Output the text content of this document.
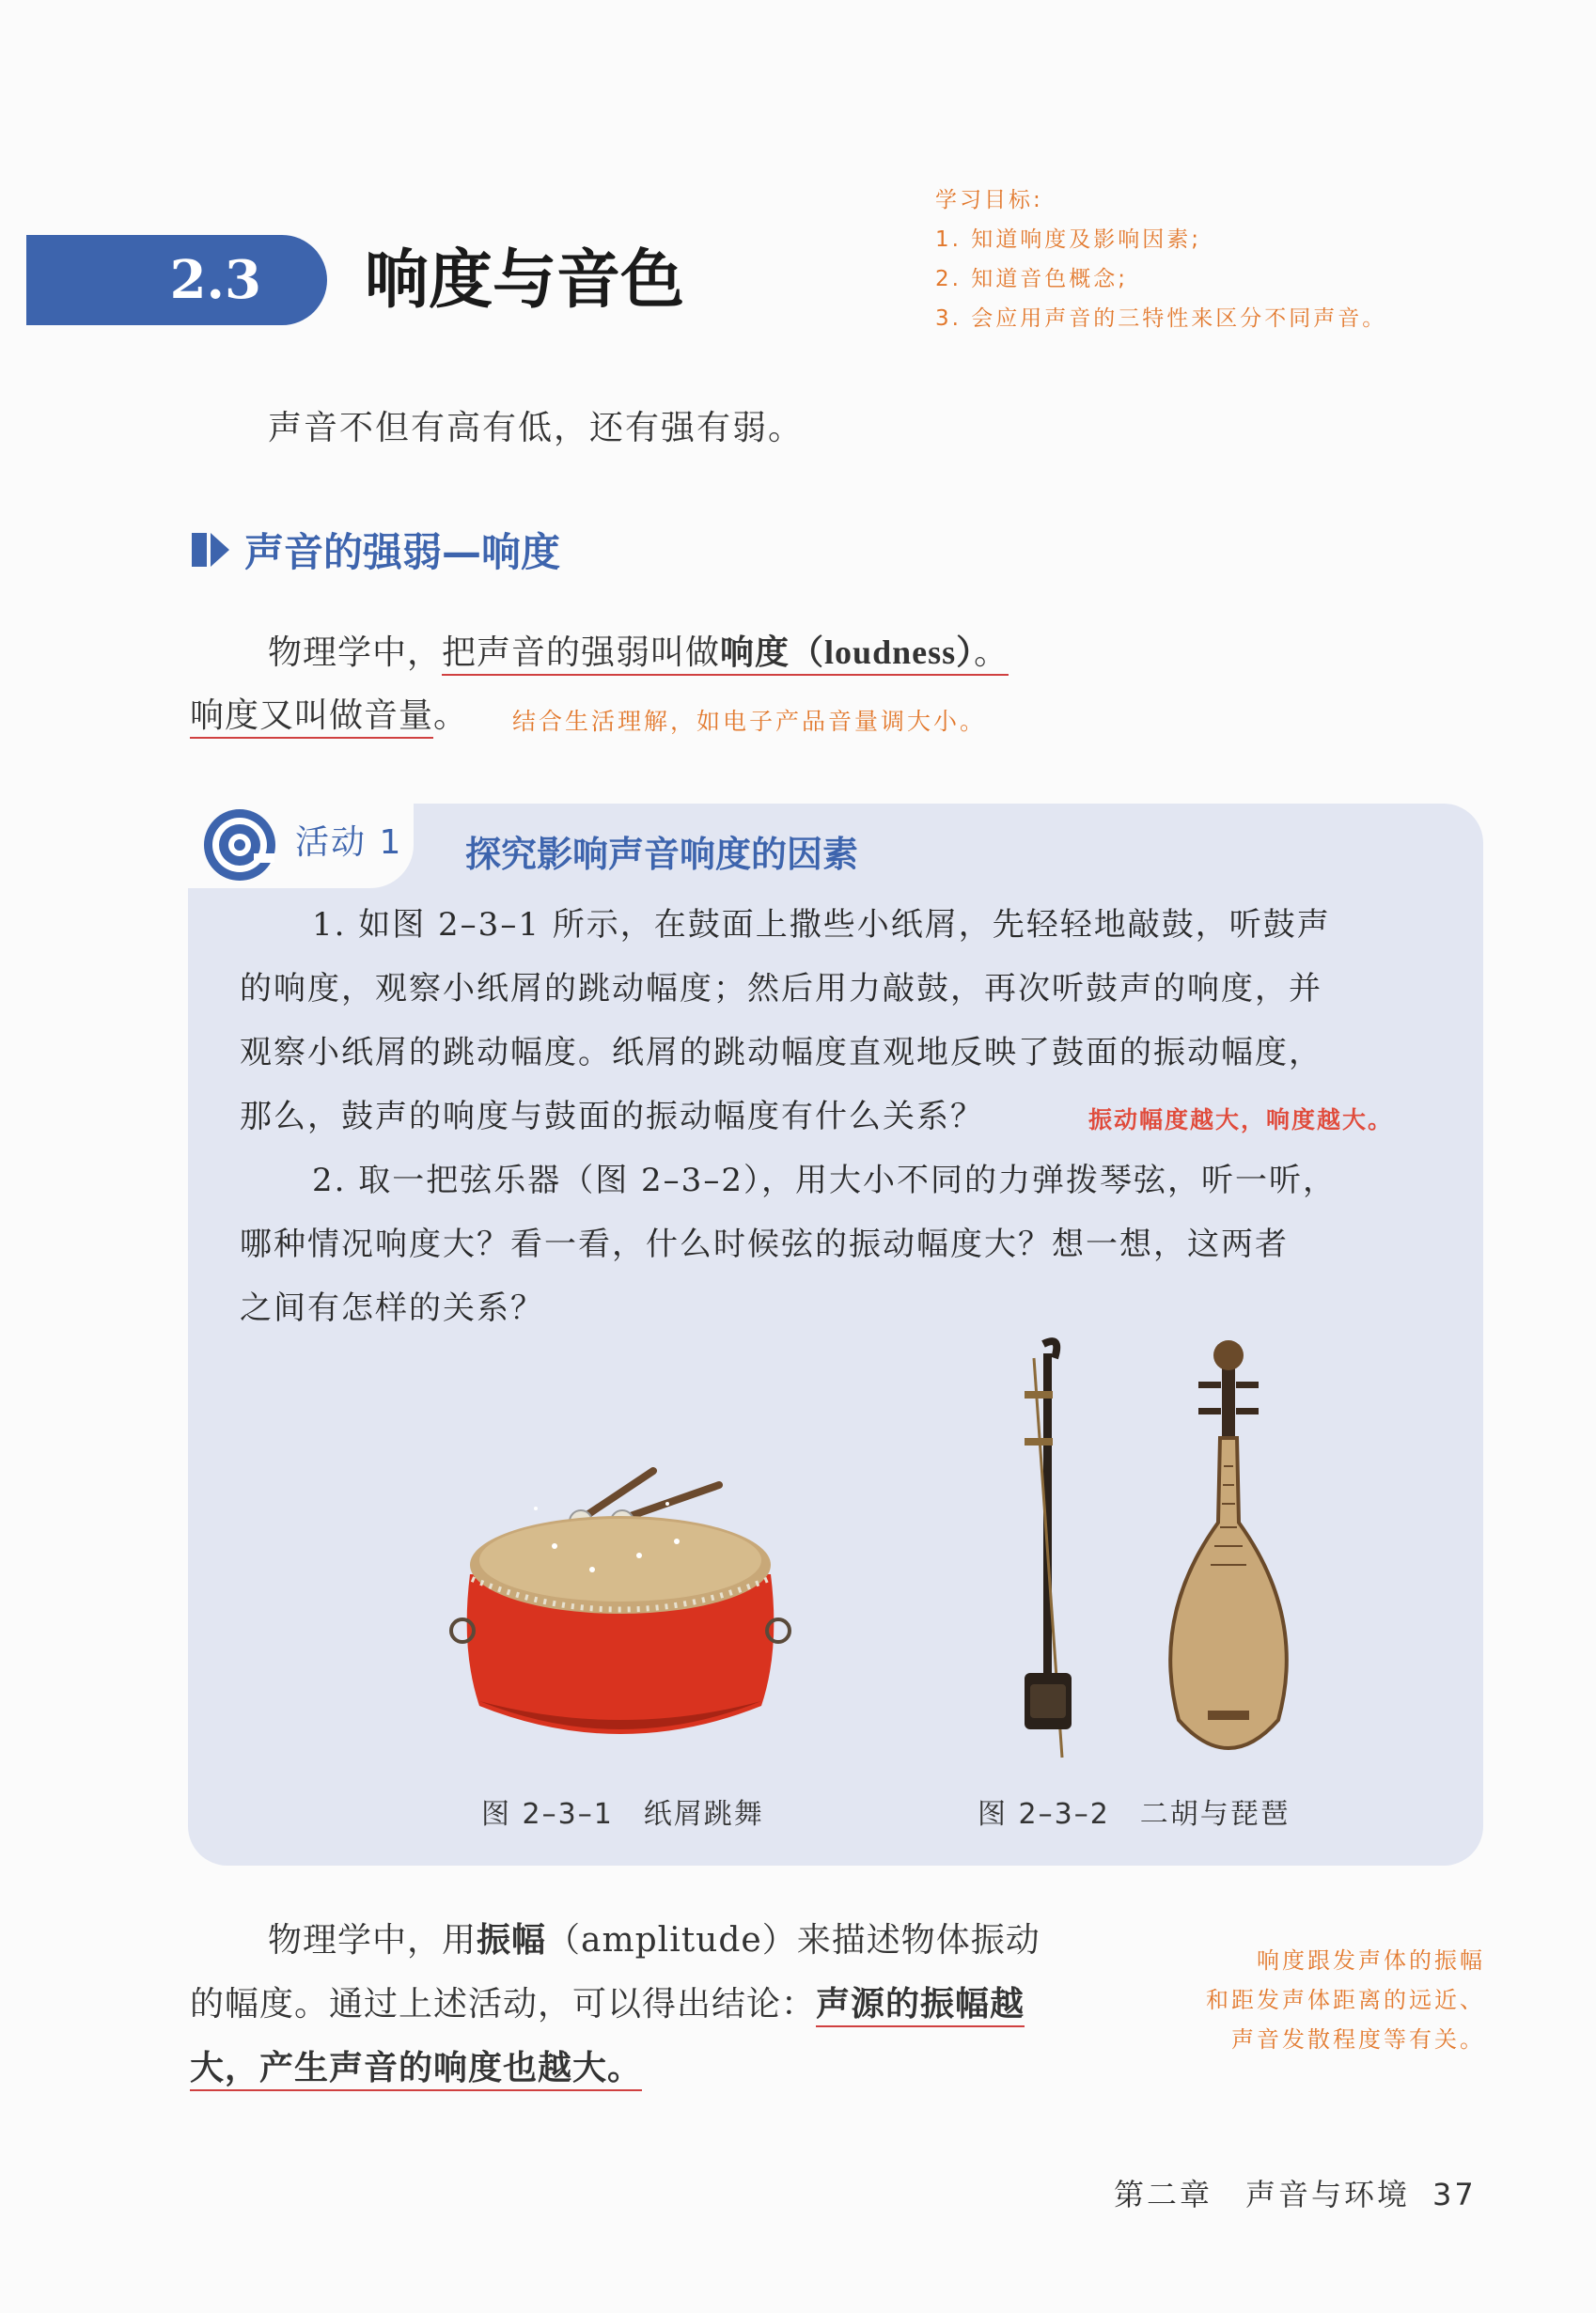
2.3	响度与音色
学习目标:
1. 知道响度及影响因素;
2. 知道音色概念;
3. 会应用声音的三特性来区分不同声音。
声音不但有高有低，还有强有弱。
声音的强弱—响度
物理学中，把声音的强弱叫做响度（loudness）。
响度又叫做音量。 结合生活理解，如电子产品音量调大小。
活动 1 探究影响声音响度的因素
1. 如图 2–3–1 所示，在鼓面上撒些小纸屑，先轻轻地敲鼓，听鼓声
的响度，观察小纸屑的跳动幅度；然后用力敲鼓，再次听鼓声的响度，并
观察小纸屑的跳动幅度。纸屑的跳动幅度直观地反映了鼓面的振动幅度，
那么，鼓声的响度与鼓面的振动幅度有什么关系？	振动幅度越大，响度越大。
2. 取一把弦乐器（图 2–3–2），用大小不同的力弹拨琴弦，听一听，
哪种情况响度大？看一看，什么时候弦的振动幅度大？想一想，这两者
之间有怎样的关系？
图 2–3–1　纸屑跳舞	图 2–3–2　二胡与琵琶
物理学中，用振幅（amplitude）来描述物体振动
的幅度。通过上述活动，可以得出结论：声源的振幅越
大，产生声音的响度也越大。
响度跟发声体的振幅
和距发声体距离的远近、
声音发散程度等有关。
第二章　声音与环境 37
